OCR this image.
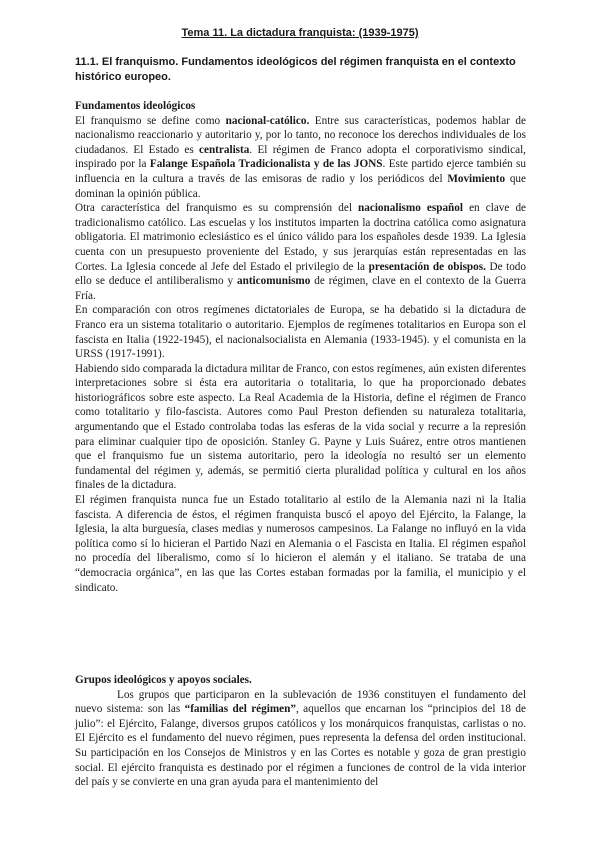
Tema 11. La dictadura franquista: (1939-1975)
11.1. El franquismo. Fundamentos ideológicos del régimen franquista en el contexto histórico europeo.

Fundamentos ideológicos

El franquismo se define como nacional-católico. Entre sus características, podemos hablar de nacionalismo reaccionario y autoritario y, por lo tanto, no reconoce los derechos individuales de los ciudadanos. El Estado es centralista. El régimen de Franco adopta el corporativismo sindical, inspirado por la Falange Española Tradicionalista y de las JONS. Este partido ejerce también su influencia en la cultura a través de las emisoras de radio y los periódicos del Movimiento que dominan la opinión pública.

Otra característica del franquismo es su comprensión del nacionalismo español en clave de tradicionalismo católico. Las escuelas y los institutos imparten la doctrina católica como asignatura obligatoria. El matrimonio eclesiástico es el único válido para los españoles desde 1939. La Iglesia cuenta con un presupuesto proveniente del Estado, y sus jerarquías están representadas en las Cortes. La Iglesia concede al Jefe del Estado el privilegio de la presentación de obispos. De todo ello se deduce el antiliberalismo y anticomunismo de régimen, clave en el contexto de la Guerra Fría.

En comparación con otros regímenes dictatoriales de Europa, se ha debatido si la dictadura de Franco era un sistema totalitario o autoritario. Ejemplos de regímenes totalitarios en Europa son el fascista en Italia (1922-1945), el nacionalsocialista en Alemania (1933-1945). y el comunista en la URSS (1917-1991).

Habiendo sido comparada la dictadura militar de Franco, con estos regímenes, aún existen diferentes interpretaciones sobre si ésta era autoritaria o totalitaria, lo que ha proporcionado debates historiográficos sobre este aspecto. La Real Academia de la Historia, define el régimen de Franco como totalitario y filo-fascista. Autores como Paul Preston defienden su naturaleza totalitaria, argumentando que el Estado controlaba todas las esferas de la vida social y recurre a la represión para eliminar cualquier tipo de oposición. Stanley G. Payne y Luis Suárez, entre otros mantienen que el franquismo fue un sistema autoritario, pero la ideología no resultó ser un elemento fundamental del régimen y, además, se permitió cierta pluralidad política y cultural en los años finales de la dictadura.

El régimen franquista nunca fue un Estado totalitario al estilo de la Alemania nazi ni la Italia fascista. A diferencia de éstos, el régimen franquista buscó el apoyo del Ejército, la Falange, la Iglesia, la alta burguesía, clases medias y numerosos campesinos. La Falange no influyó en la vida política como sí lo hicieran el Partido Nazi en Alemania o el Fascista en Italia. El régimen español no procedía del liberalismo, como sí lo hicieron el alemán y el italiano. Se trataba de una “democracia orgánica”, en las que las Cortes estaban formadas por la familia, el municipio y el sindicato.

Grupos ideológicos y apoyos sociales.

Los grupos que participaron en la sublevación de 1936 constituyen el fundamento del nuevo sistema: son las “familias del régimen”, aquellos que encarnan los “principios del 18 de julio”: el Ejército, Falange, diversos grupos católicos y los monárquicos franquistas, carlistas o no. El Ejército es el fundamento del nuevo régimen, pues representa la defensa del orden institucional. Su participación en los Consejos de Ministros y en las Cortes es notable y goza de gran prestigio social. El ejército franquista es destinado por el régimen a funciones de control de la vida interior del país y se convierte en una gran ayuda para el mantenimiento del
